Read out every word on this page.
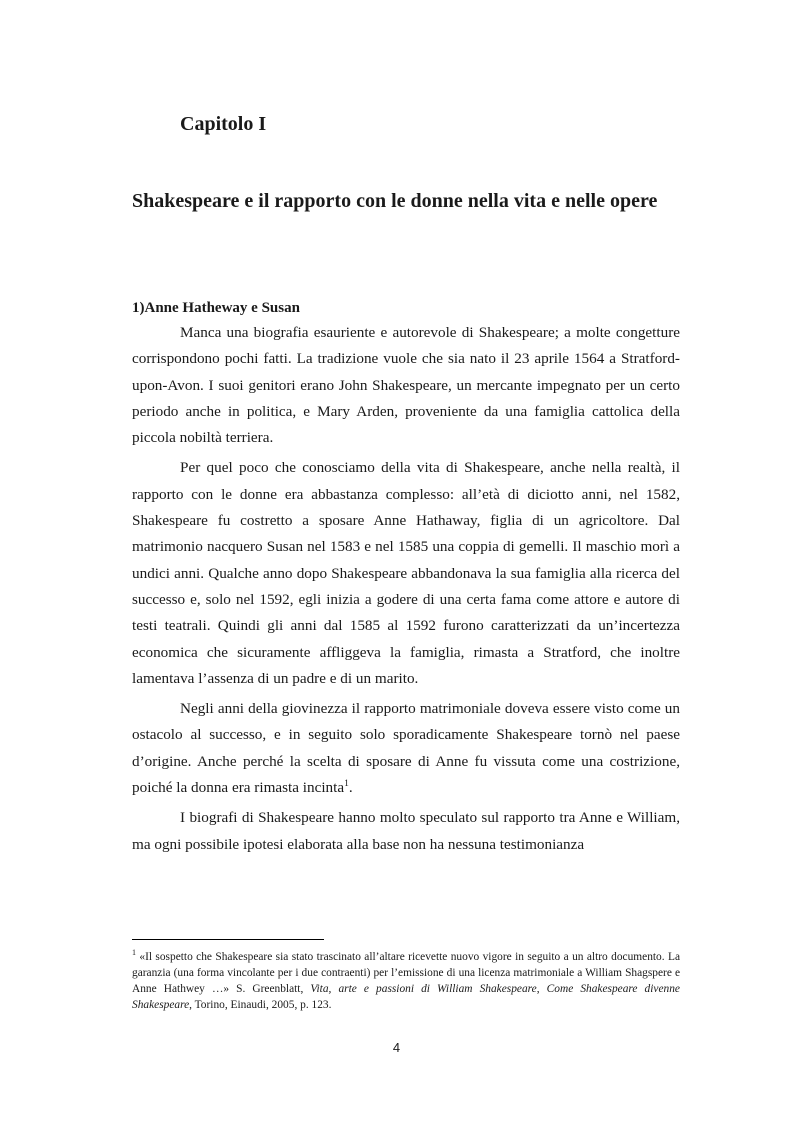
Capitolo I
Shakespeare e il rapporto con le donne nella vita e nelle opere
1)Anne Hatheway e Susan

Manca una biografia esauriente e autorevole di Shakespeare; a molte congetture corrispondono pochi fatti. La tradizione vuole che sia nato il 23 aprile 1564 a Stratford-upon-Avon. I suoi genitori erano John Shakespeare, un mercante impegnato per un certo periodo anche in politica, e Mary Arden, proveniente da una famiglia cattolica della piccola nobiltà terriera.

Per quel poco che conosciamo della vita di Shakespeare, anche nella realtà, il rapporto con le donne era abbastanza complesso: all’età di diciotto anni, nel 1582, Shakespeare fu costretto a sposare Anne Hathaway, figlia di un agricoltore. Dal matrimonio nacquero Susan nel 1583 e nel 1585 una coppia di gemelli. Il maschio morì a undici anni. Qualche anno dopo Shakespeare abbandonava la sua famiglia alla ricerca del successo e, solo nel 1592, egli inizia a godere di una certa fama come attore e autore di testi teatrali. Quindi gli anni dal 1585 al 1592 furono caratterizzati da un’incertezza economica che sicuramente affliggeva la famiglia, rimasta a Stratford, che inoltre lamentava l’assenza di un padre e di un marito.

Negli anni della giovinezza il rapporto matrimoniale doveva essere visto come un ostacolo al successo, e in seguito solo sporadicamente Shakespeare tornò nel paese d’origine. Anche perché la scelta di sposare di Anne fu vissuta come una costrizione, poiché la donna era rimasta incinta$^1$.

I biografi di Shakespeare hanno molto speculato sul rapporto tra Anne e William, ma ogni possibile ipotesi elaborata alla base non ha nessuna testimonianza

$^1$ «Il sospetto che Shakespeare sia stato trascinato all’altare ricevette nuovo vigore in seguito a un altro documento. La garanzia (una forma vincolante per i due contraenti) per l’emissione di una licenza matrimoniale a William Shagspere e Anne Hathwey …» S. Greenblatt, Vita, arte e passioni di William Shakespeare, Come Shakespeare divenne Shakespeare, Torino, Einaudi, 2005, p. 123.

4
